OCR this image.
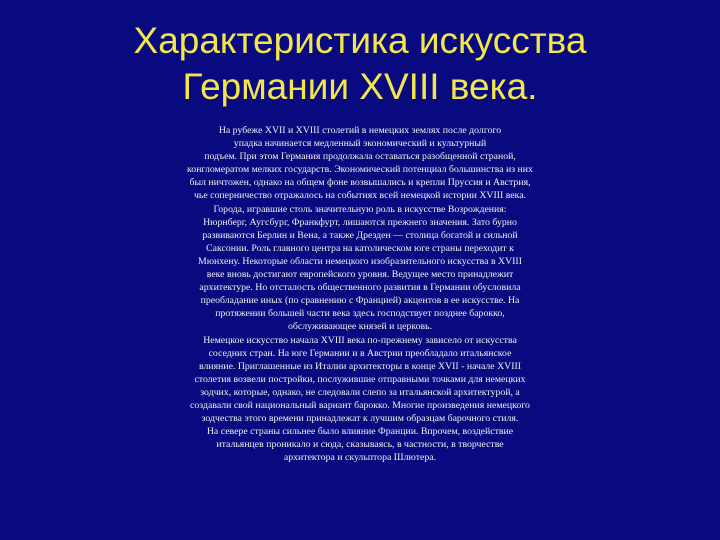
Характеристика искусства
Германии XVIII века.
На рубеже XVII и XVIII столетий в немецких землях после долгого
упадка начинается медленный экономический и культурный
подъем. При этом Германия продолжала оставаться разобщенной страной,
конгломератом мелких государств. Экономический потенциал большинства из них
был ничтожен, однако на общем фоне возвышались и крепли Пруссия и Австрия,
чье соперничество отражалось на событиях всей немецкой истории XVIII века.
Города, игравшие столь значительную роль в искусстве Возрождения:
Нюрнберг, Аугсбург, Франкфурт, лишаются прежнего значения. Зато бурно
развиваются Берлин и Вена, а также Дрезден — столица богатой и сильной
Саксонии. Роль главного центра на католическом юге страны переходит к
Мюнхену. Некоторые области немецкого изобразительного искусства в XVIII
веке вновь достигают европейского уровня. Ведущее место принадлежит
архитектуре. Но отсталость общественного развития в Германии обусловила
преобладание иных (по сравнению с Францией) акцентов в ее искусстве. На
протяжении большей части века здесь господствует позднее барокко,
обслуживающее князей и церковь.
Немецкое искусство начала XVIII века по-прежнему зависело от искусства
соседних стран. На юге Германии и в Австрии преобладало итальянское
влияние. Приглашенные из Италии архитекторы в конце XVII - начале XVIII
столетия возвели постройки, послужившие отправными точками для немецких
зодчих, которые, однако, не следовали слепо за итальянской архитектурой, а
создавали свой национальный вариант барокко. Многие произведения немецкого
зодчества этого времени принадлежат к лучшим образцам барочного стиля.
На севере страны сильнее было влияние Франции. Впрочем, воздействие
итальянцев проникало и сюда, сказываясь, в частности, в творчестве
архитектора и скульптора Шлютера.
